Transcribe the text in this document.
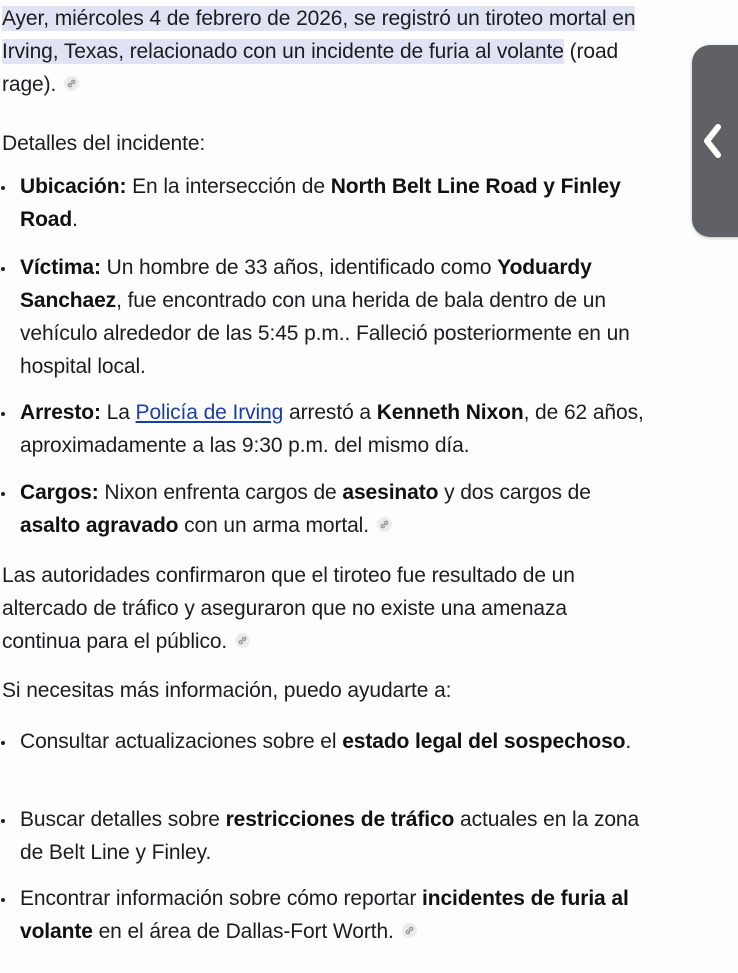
Ayer, miércoles 4 de febrero de 2026, se registró un tiroteo mortal en Irving, Texas, relacionado con un incidente de furia al volante (road rage).

Detalles del incidente:

Ubicación: En la intersección de North Belt Line Road y Finley Road.
Víctima: Un hombre de 33 años, identificado como Yoduardy Sanchaez, fue encontrado con una herida de bala dentro de un vehículo alrededor de las 5:45 p.m.. Falleció posteriormente en un hospital local.
Arresto: La Policía de Irving arrestó a Kenneth Nixon, de 62 años, aproximadamente a las 9:30 p.m. del mismo día.
Cargos: Nixon enfrenta cargos de asesinato y dos cargos de asalto agravado con un arma mortal.

Las autoridades confirmaron que el tiroteo fue resultado de un altercado de tráfico y aseguraron que no existe una amenaza continua para el público.

Si necesitas más información, puedo ayudarte a:

Consultar actualizaciones sobre el estado legal del sospechoso.
Buscar detalles sobre restricciones de tráfico actuales en la zona de Belt Line y Finley.
Encontrar información sobre cómo reportar incidentes de furia al volante en el área de Dallas-Fort Worth.
